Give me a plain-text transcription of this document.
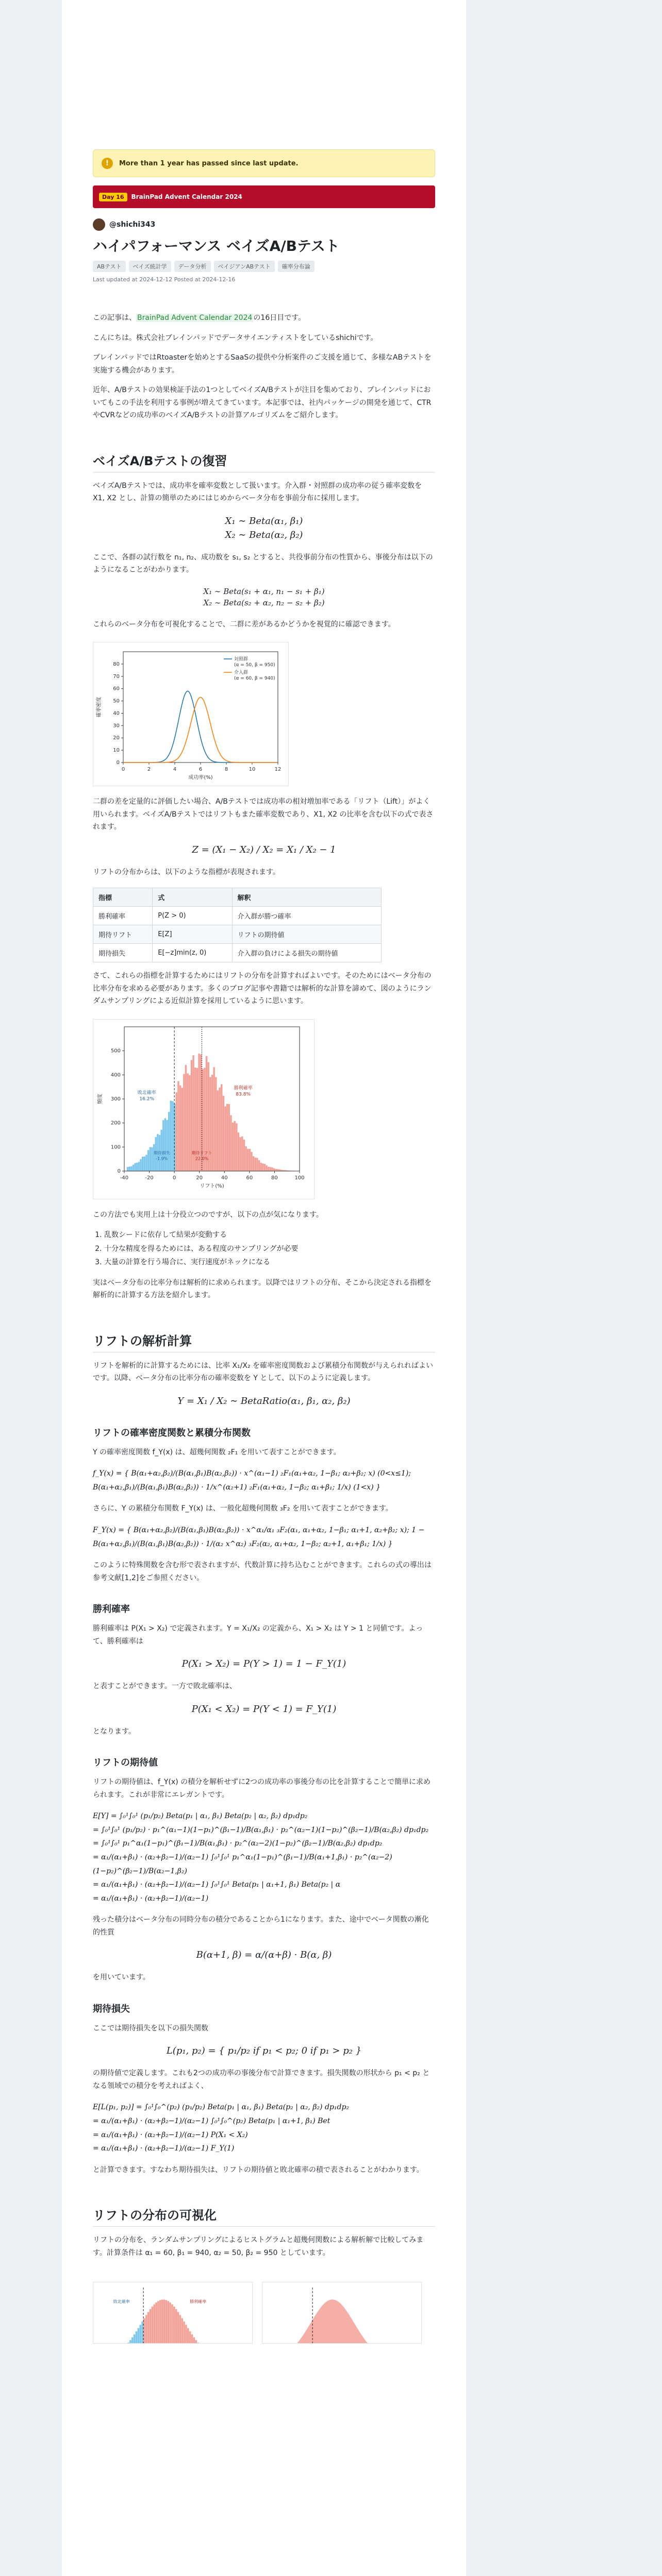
!	More than 1 year has passed since last update.
Day 16	BrainPad Advent Calendar 2024
@shichi343
ハイパフォーマンス ベイズA/Bテスト
ABテスト	ベイズ統計学	データ分析	ベイジアンABテスト	確率分布論
Last updated at 2024-12-12 Posted at 2024-12-16

この記事は、 BrainPad Advent Calendar 2024 の16日目です。

こんにちは。株式会社ブレインパッドでデータサイエンティストをしているshichiです。

ブレインパッドではRtoasterを始めとするSaaSの提供や分析案件のご支援を通じて、多様なABテストを実施する機会があります。

近年、A/Bテストの効果検証手法の1つとしてベイズA/Bテストが注目を集めており、ブレインパッドにおいてもこの手法を利用する事例が増えてきています。本記事では、社内パッケージの開発を通じて、CTRやCVRなどの成功率のベイズA/Bテストの計算アルゴリズムをご紹介します。

ベイズA/Bテストの復習

ベイズA/Bテストでは、成功率を確率変数として扱います。介入群・対照群の成功率の従う確率変数を X1, X2 とし、計算の簡単のためにはじめからベータ分布を事前分布に採用します。

X₁ ∼ Beta(α₁, β₁)
X₂ ∼ Beta(α₂, β₂)

ここで、各群の試行数を n₁, n₂、成功数を s₁, s₂ とすると、共役事前分布の性質から、事後分布は以下のようになることがわかります。

X₁ ∼ Beta(s₁ + α₁, n₁ − s₁ + β₁)
X₂ ∼ Beta(s₂ + α₂, n₂ − s₂ + β₂)

これらのベータ分布を可視化することで、二群に差があるかどうかを視覚的に確認できます。

0	2	4	6	8	10	12
0
10
20
30
40
50
60
70
80
成功率(%)
確率密度
対照群
(α = 50, β = 950)
介入群
(α = 60, β = 940)

二群の差を定量的に評価したい場合、A/Bテストでは成功率の相対増加率である「リフト（Lift）」がよく用いられます。ベイズA/Bテストではリフトもまた確率変数であり、X1, X2 の比率を含む以下の式で表されます。

Z = (X₁ − X₂) / X₂ = X₁ / X₂ − 1

リフトの分布からは、以下のような指標が表現されます。

指標	式	解釈
勝利確率	P(Z > 0)	介入群が勝つ確率
期待リフト	E[Z]	リフトの期待値
期待損失	E[−z]min(z, 0)	介入群の負けによる損失の期待値

さて、これらの指標を計算するためにはリフトの分布を計算すればよいです。そのためにはベータ分布の比率分布を求める必要があります。多くのブログ記事や書籍では解析的な計算を諦めて、図のようにランダムサンプリングによる近似計算を採用しているように思います。

-40	-20	0	20	40	60	80	100
0
100
200
300
400
500
リフト(%)
頻度
敗北確率
16.2%
勝利確率
83.8%
期待損失
-1.9%
期待リフト
22.0%

この方法でも実用上は十分役立つのですが、以下の点が気になります。

1. 乱数シードに依存して結果が変動する
2. 十分な精度を得るためには、ある程度のサンプリングが必要
3. 大量の計算を行う場合に、実行速度がネックになる

実はベータ分布の比率分布は解析的に求められます。以降ではリフトの分布、そこから決定される指標を解析的に計算する方法を紹介します。

リフトの解析計算

リフトを解析的に計算するためには、比率 X₁/X₂ を確率密度関数および累積分布関数が与えられればよいです。以降、ベータ分布の比率分布の確率変数を Y として、以下のように定義します。

Y = X₁ / X₂ ∼ BetaRatio(α₁, β₁, α₂, β₂)
リフトの確率密度関数と累積分布関数

Y の確率密度関数 f_Y(x) は、超幾何関数 ₂F₁ を用いて表すことができます。

f_Y(x) = { B(α₁+α₂,β₂)/(B(α₁,β₁)B(α₂,β₂)) · x^(α₁−1) ₂F₁(α₁+α₂, 1−β₁; α₂+β₂; x) (0<x≤1); B(α₁+α₂,β₁)/(B(α₁,β₁)B(α₂,β₂)) · 1/x^(α₂+1) ₂F₁(α₁+α₂, 1−β₂; α₁+β₁; 1/x) (1<x) }

さらに、Y の累積分布関数 F_Y(x) は、一般化超幾何関数 ₃F₂ を用いて表すことができます。

F_Y(x) = { B(α₁+α₂,β₂)/(B(α₁,β₁)B(α₂,β₂)) · x^α₁/α₁ ₃F₂(α₁, α₁+α₂, 1−β₁; α₁+1, α₂+β₂; x); 1 − B(α₁+α₂,β₁)/(B(α₁,β₁)B(α₂,β₂)) · 1/(α₂ x^α₂) ₃F₂(α₂, α₁+α₂, 1−β₂; α₂+1, α₁+β₁; 1/x) }

このように特殊関数を含む形で表されますが、代数計算に持ち込むことができます。これらの式の導出は参考文献[1,2]をご参照ください。

勝利確率

勝利確率は P(X₁ > X₂) で定義されます。Y = X₁/X₂ の定義から、X₁ > X₂ は Y > 1 と同値です。よって、勝利確率は

P(X₁ > X₂) = P(Y > 1) = 1 − F_Y(1)

と表すことができます。一方で敗北確率は、

P(X₁ < X₂) = P(Y < 1) = F_Y(1)

となります。

リフトの期待値

リフトの期待値は、f_Y(x) の積分を解析せずに2つの成功率の事後分布の比を計算することで簡単に求められます。これが非常にエレガントです。

E[Y] = ∫₀¹∫₀¹ (p₁/p₂) Beta(p₁ | α₁, β₁) Beta(p₂ | α₂, β₂) dp₁dp₂
= ∫₀¹∫₀¹ (p₁/p₂) · p₁^(α₁−1)(1−p₁)^(β₁−1)/B(α₁,β₁) · p₂^(α₂−1)(1−p₂)^(β₂−1)/B(α₂,β₂) dp₁dp₂
= ∫₀¹∫₀¹ p₁^α₁(1−p₁)^(β₁−1)/B(α₁,β₁) · p₂^(α₂−2)(1−p₂)^(β₂−1)/B(α₂,β₂) dp₁dp₂
= α₁/(α₁+β₁) · (α₂+β₂−1)/(α₂−1) ∫₀¹∫₀¹ p₁^α₁(1−p₁)^(β₁−1)/B(α₁+1,β₁) · p₂^(α₂−2)(1−p₂)^(β₂−1)/B(α₂−1,β₂)
= α₁/(α₁+β₁) · (α₂+β₂−1)/(α₂−1) ∫₀¹∫₀¹ Beta(p₁ | α₁+1, β₁) Beta(p₂ | α
= α₁/(α₁+β₁) · (α₂+β₂−1)/(α₂−1)

残った積分はベータ分布の同時分布の積分であることから1になります。また、途中でベータ関数の漸化的性質

B(α+1, β) = α/(α+β) · B(α, β)

を用いています。

期待損失

ここでは期待損失を以下の損失関数

L(p₁, p₂) = { p₁/p₂ if p₁ < p₂; 0 if p₁ > p₂ }

の期待値で定義します。これも2つの成功率の事後分布で計算できます。損失関数の形状から p₁ < p₂ となる領域での積分を考えればよく、

E[L(p₁, p₂)] = ∫₀¹∫₀^(p₂) (p₁/p₂) Beta(p₁ | α₁, β₁) Beta(p₂ | α₂, β₂) dp₁dp₂
= α₁/(α₁+β₁) · (α₂+β₂−1)/(α₂−1) ∫₀¹∫₀^(p₂) Beta(p₁ | α₁+1, β₁) Bet
= α₁/(α₁+β₁) · (α₂+β₂−1)/(α₂−1) P(X₁ < X₂)
= α₁/(α₁+β₁) · (α₂+β₂−1)/(α₂−1) F_Y(1)

と計算できます。すなわち期待損失は、リフトの期待値と敗北確率の積で表されることがわかります。

リフトの分布の可視化

リフトの分布を、ランダムサンプリングによるヒストグラムと超幾何関数による解析解で比較してみます。計算条件は α₁ = 60, β₁ = 940, α₂ = 50, β₂ = 950 としています。

敗北確率	勝利確率
